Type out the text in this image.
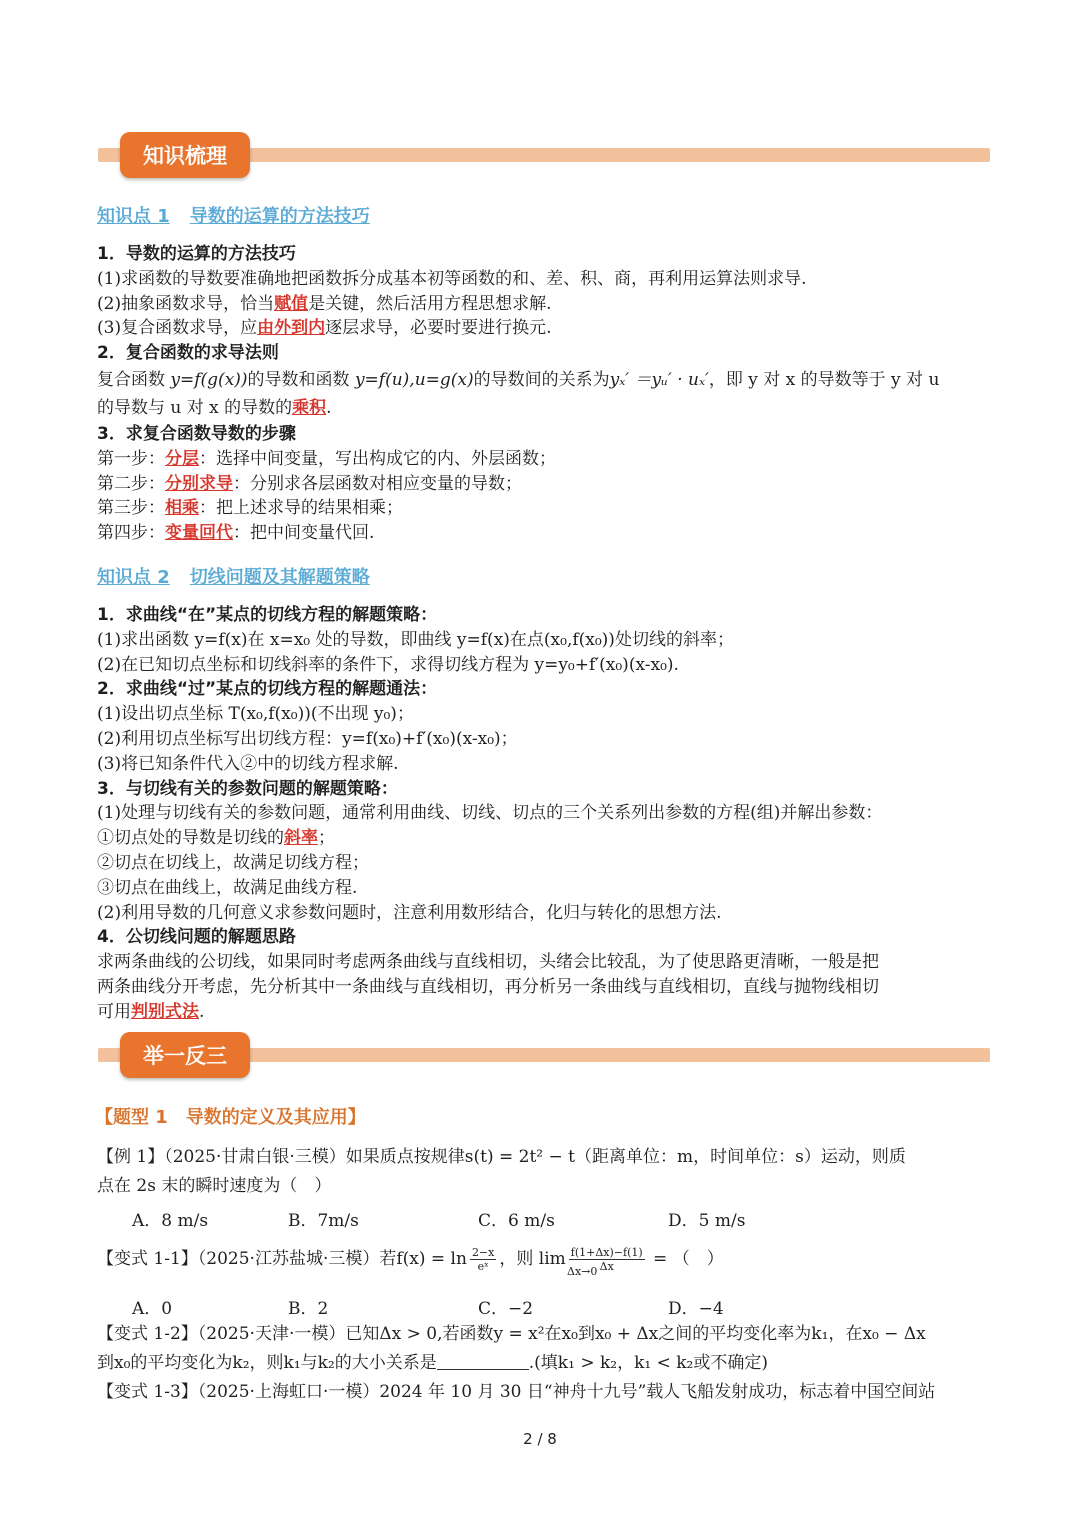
知识梳理
知识点 1 导数的运算的方法技巧
1．导数的运算的方法技巧
(1)求函数的导数要准确地把函数拆分成基本初等函数的和、差、积、商，再利用运算法则求导.
(2)抽象函数求导，恰当赋值是关键，然后活用方程思想求解.
(3)复合函数求导，应由外到内逐层求导，必要时要进行换元.
2．复合函数的求导法则
复合函数 y=f(g(x))的导数和函数 y=f(u),u=g(x)的导数间的关系为yₓ′ ＝yᵤ′ · uₓ′，即 y 对 x 的导数等于 y 对 u
的导数与 u 对 x 的导数的乘积.
3．求复合函数导数的步骤
第一步：分层：选择中间变量，写出构成它的内、外层函数；
第二步：分别求导：分别求各层函数对相应变量的导数；
第三步：相乘：把上述求导的结果相乘；
第四步：变量回代：把中间变量代回.
知识点 2 切线问题及其解题策略
1．求曲线“在”某点的切线方程的解题策略：
(1)求出函数 y=f(x)在 x=x₀ 处的导数，即曲线 y=f(x)在点(x₀,f(x₀))处切线的斜率；
(2)在已知切点坐标和切线斜率的条件下，求得切线方程为 y=y₀+f′(x₀)(x-x₀).
2．求曲线“过”某点的切线方程的解题通法：
(1)设出切点坐标 T(x₀,f(x₀))(不出现 y₀)；
(2)利用切点坐标写出切线方程：y=f(x₀)+f′(x₀)(x-x₀)；
(3)将已知条件代入②中的切线方程求解.
3．与切线有关的参数问题的解题策略：
(1)处理与切线有关的参数问题，通常利用曲线、切线、切点的三个关系列出参数的方程(组)并解出参数：
①切点处的导数是切线的斜率；
②切点在切线上，故满足切线方程；
③切点在曲线上，故满足曲线方程.
(2)利用导数的几何意义求参数问题时，注意利用数形结合，化归与转化的思想方法.
4．公切线问题的解题思路
求两条曲线的公切线，如果同时考虑两条曲线与直线相切，头绪会比较乱，为了使思路更清晰，一般是把
两条曲线分开考虑，先分析其中一条曲线与直线相切，再分析另一条曲线与直线相切，直线与抛物线相切
可用判别式法.
举一反三
【题型 1　导数的定义及其应用】
【例 1】（2025·甘肃白银·三模）如果质点按规律s(t) = 2t² − t（距离单位：m，时间单位：s）运动，则质
点在 2s 末的瞬时速度为（　）
A．8 m/s	B．7m/s	C．6 m/s	D．5 m/s
【变式 1-1】（2025·江苏盐城·三模）若$f(x) = \ln \frac{2-x}{\text{eˣ}}$ ，则 $\lim \frac{f(1+\Delta x)-f(1)}{\Delta x}$ = （　）
Δx→0
A．0	B．2	C．−2	D．−4
【变式 1-2】（2025·天津·一模）已知Δx > 0,若函数y = x²在x₀到x₀ + Δx之间的平均变化率为k₁，在x₀ − Δx
到x₀的平均变化为k₂，则k₁与k₂的大小关系是	.(填k₁ > k₂，k₁ < k₂或不确定)
【变式 1-3】（2025·上海虹口·一模）2024 年 10 月 30 日“神舟十九号”载人飞船发射成功，标志着中国空间站
2 / 8
